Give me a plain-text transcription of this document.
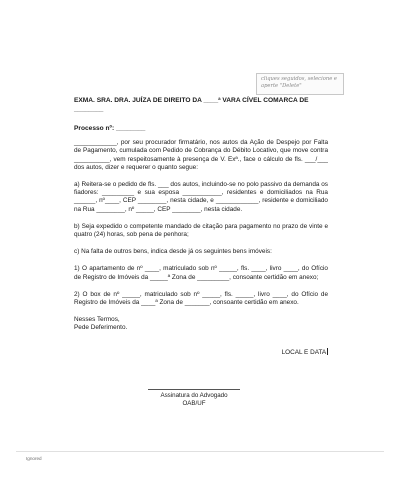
cliques seguidos, selecione e
aperte "Delete"

EXMA. SRA. DRA. JUÍZA DE DIREITO DA ____ª VARA CÍVEL COMARCA DE

________

Processo nº: ________

____________, por seu procurador firmatário, nos autos da Ação de Despejo por Falta de Pagamento, cumulada com Pedido de Cobrança do Débito Locativo, que move contra __________, vem respeitosamente à presença de V. Exª., face o cálculo de fls. ___/___ dos autos, dizer e requerer o quanto segue:

a) Reitera-se o pedido de fls. ___ dos autos, incluindo-se no polo passivo da demanda os fiadores: _________ e sua esposa ___________, residentes e domiciliados na Rua ______, nº____, CEP ________, nesta cidade, e ____________, residente e domiciliado na Rua ________, nº _____, CEP ________, nesta cidade.

b) Seja expedido o competente mandado de citação para pagamento no prazo de vinte e quatro (24) horas, sob pena de penhora;

c) Na falta de outros bens, indica desde já os seguintes bens imóveis:

1) O apartamento de nº ____, matriculado sob nº _____, fls. ____, livro ____, do Ofício de Registro de Imóveis da _____ª Zona de _________, consoante certidão em anexo;

2) O box de nº _____, matriculado sob nº _____, fls. _____, livro ____, do Ofício de Registro de Imóveis da ____ª Zona de _______, consoante certidão em anexo.

Nesses Termos,

Pede Deferimento.

LOCAL E DATA

Assinatura do Advogado
OAB/UF
Ignored
